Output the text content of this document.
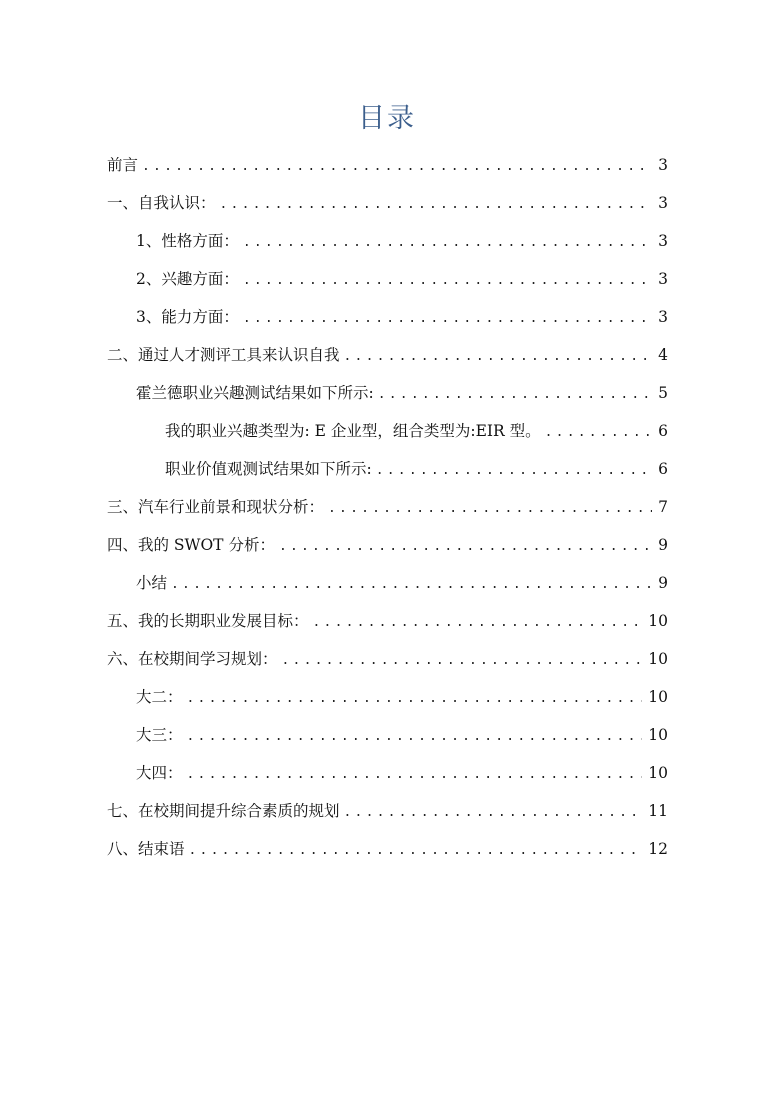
目录
前言 .....	3
一、自我认识： .....	3
1、性格方面： .....	3
2、兴趣方面： .....	3
3、能力方面： .....	3
二、通过人才测评工具来认识自我 .....	4
霍兰德职业兴趣测试结果如下所示: .....	5
我的职业兴趣类型为: E 企业型，组合类型为:EIR 型。 .....	6
职业价值观测试结果如下所示: .....	6
三、汽车行业前景和现状分析： .....	7
四、我的 SWOT 分析： .....	9
小结 .....	9
五、我的长期职业发展目标： .....	10
六、在校期间学习规划： .....	10
大二： .....	10
大三： .....	10
大四： .....	10
七、在校期间提升综合素质的规划 .....	11
八、结束语 .....	12
